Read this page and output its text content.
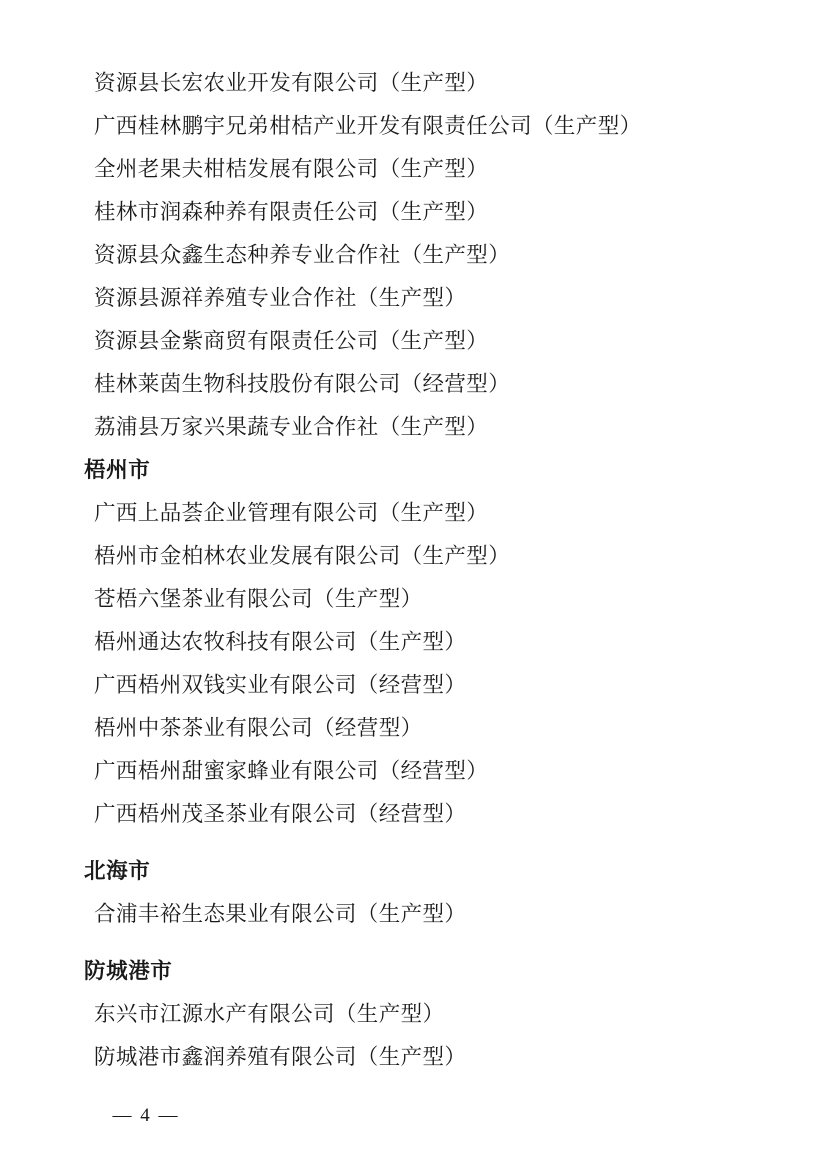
资源县长宏农业开发有限公司（生产型）
广西桂林鹏宇兄弟柑桔产业开发有限责任公司（生产型）
全州老果夫柑桔发展有限公司（生产型）
桂林市润森种养有限责任公司（生产型）
资源县众鑫生态种养专业合作社（生产型）
资源县源祥养殖专业合作社（生产型）
资源县金紫商贸有限责任公司（生产型）
桂林莱茵生物科技股份有限公司（经营型）
荔浦县万家兴果蔬专业合作社（生产型）
梧州市
广西上品荟企业管理有限公司（生产型）
梧州市金柏林农业发展有限公司（生产型）
苍梧六堡茶业有限公司（生产型）
梧州通达农牧科技有限公司（生产型）
广西梧州双钱实业有限公司（经营型）
梧州中茶茶业有限公司（经营型）
广西梧州甜蜜家蜂业有限公司（经营型）
广西梧州茂圣茶业有限公司（经营型）
北海市
合浦丰裕生态果业有限公司（生产型）
防城港市
东兴市江源水产有限公司（生产型）
防城港市鑫润养殖有限公司（生产型）
— 4 —
